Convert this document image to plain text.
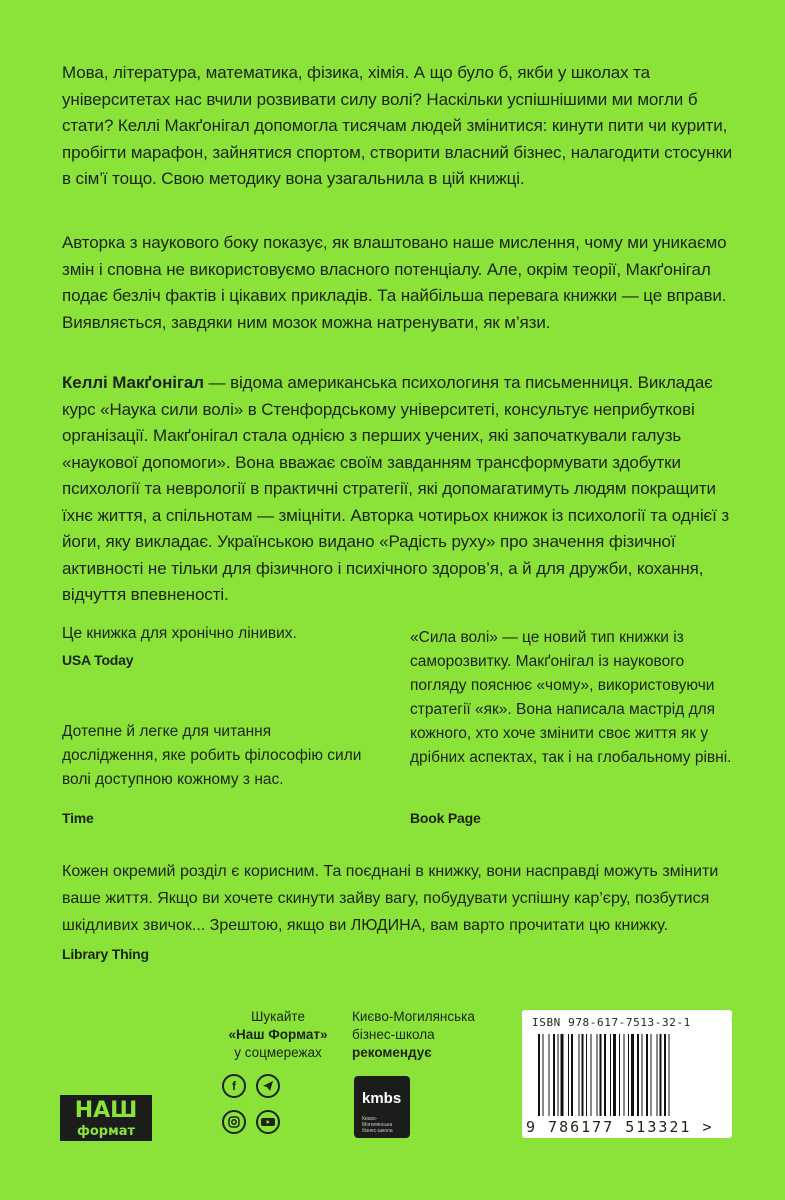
Мова, література, математика, фізика, хімія. А що було б, якби у школах та університетах нас вчили розвивати силу волі? Наскільки успішнішими ми могли б стати? Келлі Макґонігал допомогла тисячам людей змінитися: кинути пити чи курити, пробігти марафон, зайнятися спортом, створити власний бізнес, налагодити стосунки в сім’ї тощо. Свою методику вона узагальнила в цій книжці.

Авторка з наукового боку показує, як влаштовано наше мислення, чому ми уникаємо змін і сповна не використовуємо власного потенціалу. Але, окрім теорії, Макґонігал подає безліч фактів і цікавих прикладів. Та найбільша перевага книжки — це вправи. Виявляється, завдяки ним мозок можна натренувати, як м’язи.

Келлі Макґонігал — відома американська психологиня та письменниця. Викладає курс «Наука сили волі» в Стенфордському університеті, консультує неприбуткові організації. Макґонігал стала однією з перших учених, які започаткували галузь «наукової допомоги». Вона вважає своїм завданням трансформувати здобутки психології та неврології в практичні стратегії, які допомагатимуть людям покращити їхнє життя, а спільнотам — зміцніти. Авторка чотирьох книжок із психології та однієї з йоги, яку викладає. Українською видано «Радість руху» про значення фізичної активності не тільки для фізичного і психічного здоров’я, а й для дружби, кохання, відчуття впевненості.

Це книжка для хронічно лінивих.

USA Today

«Сила волі» — це новий тип книжки із саморозвитку. Макґонігал із наукового погляду пояснює «чому», використовуючи стратегії «як». Вона написала мастрід для кожного, хто хоче змінити своє життя як у дрібних аспектах, так і на глобальному рівні.

Book Page

Дотепне й легке для читання дослідження, яке робить філософію сили волі доступною кожному з нас.

Time

Кожен окремий розділ є корисним. Та поєднані в книжку, вони насправді можуть змінити ваше життя. Якщо ви хочете скинути зайву вагу, побудувати успішну кар’єру, позбутися шкідливих звичок... Зрештою, якщо ви ЛЮДИНА, вам варто прочитати цю книжку.

Library Thing
НАШ
формат
Шукайте
«Наш Формат»
у соцмережах
f
Києво-Могилянська
бізнес-школа
рекомендує
kmbs
Києво-Могилянська бізнес-школа
ISBN 978-617-7513-32-1
9 786177 513321 >
